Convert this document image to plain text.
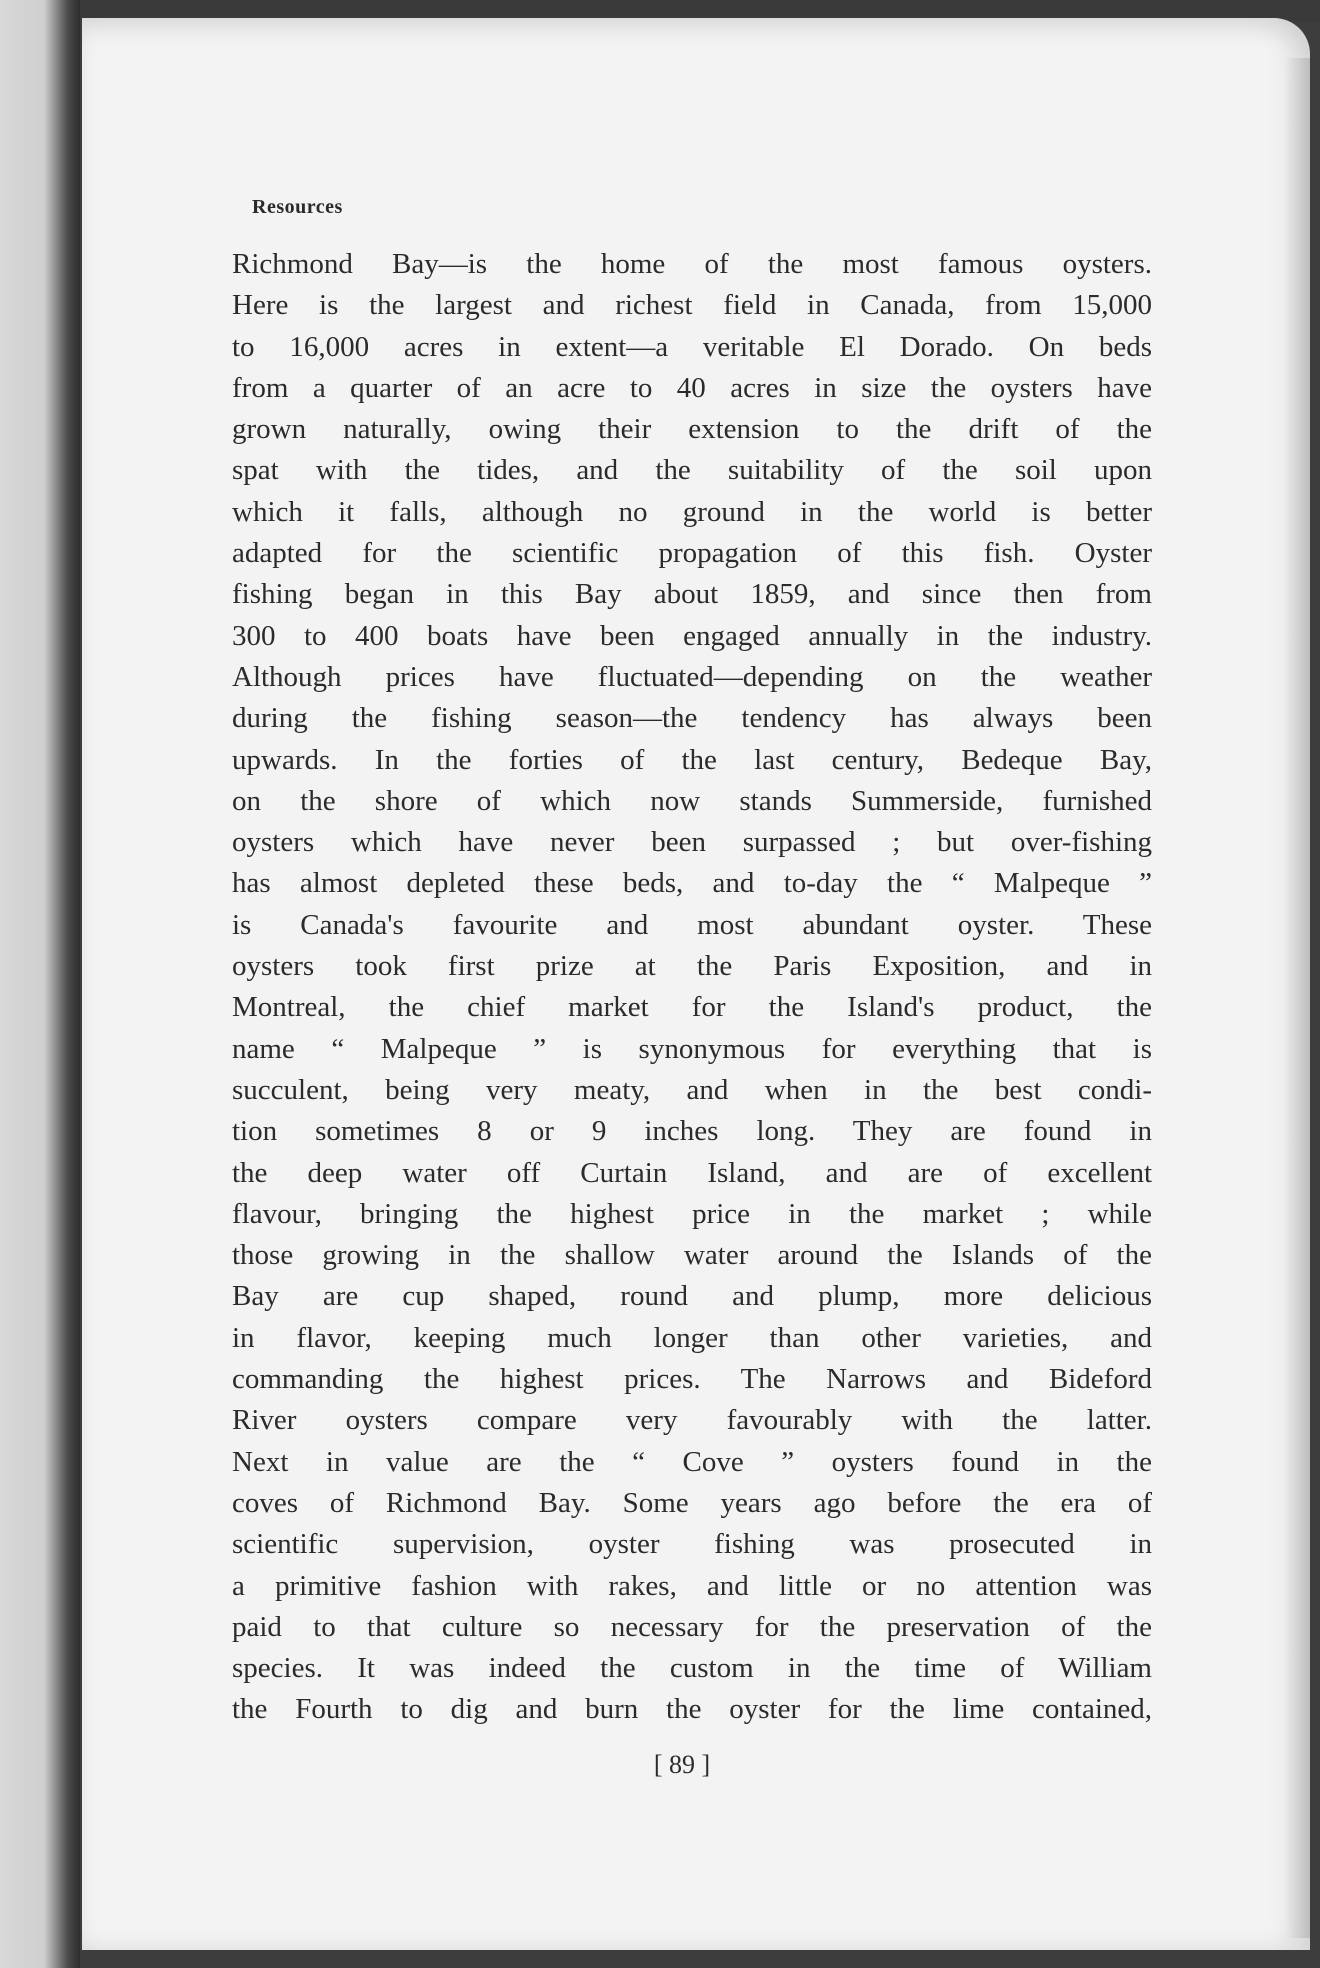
Resources
Richmond Bay—is the home of the most famous oysters.
Here is the largest and richest field in Canada, from 15,000
to 16,000 acres in extent—a veritable El Dorado. On beds
from a quarter of an acre to 40 acres in size the oysters have
grown naturally, owing their extension to the drift of the
spat with the tides, and the suitability of the soil upon
which it falls, although no ground in the world is better
adapted for the scientific propagation of this fish. Oyster
fishing began in this Bay about 1859, and since then from
300 to 400 boats have been engaged annually in the industry.
Although prices have fluctuated—depending on the weather
during the fishing season—the tendency has always been
upwards. In the forties of the last century, Bedeque Bay,
on the shore of which now stands Summerside, furnished
oysters which have never been surpassed ; but over-fishing
has almost depleted these beds, and to-day the “ Malpeque ”
is Canada's favourite and most abundant oyster. These
oysters took first prize at the Paris Exposition, and in
Montreal, the chief market for the Island's product, the
name “ Malpeque ” is synonymous for everything that is
succulent, being very meaty, and when in the best condi-
tion sometimes 8 or 9 inches long. They are found in
the deep water off Curtain Island, and are of excellent
flavour, bringing the highest price in the market ; while
those growing in the shallow water around the Islands of the
Bay are cup shaped, round and plump, more delicious
in flavor, keeping much longer than other varieties, and
commanding the highest prices. The Narrows and Bideford
River oysters compare very favourably with the latter.
Next in value are the “ Cove ” oysters found in the
coves of Richmond Bay. Some years ago before the era of
scientific supervision, oyster fishing was prosecuted in
a primitive fashion with rakes, and little or no attention was
paid to that culture so necessary for the preservation of the
species. It was indeed the custom in the time of William
the Fourth to dig and burn the oyster for the lime contained,
[ 89 ]
